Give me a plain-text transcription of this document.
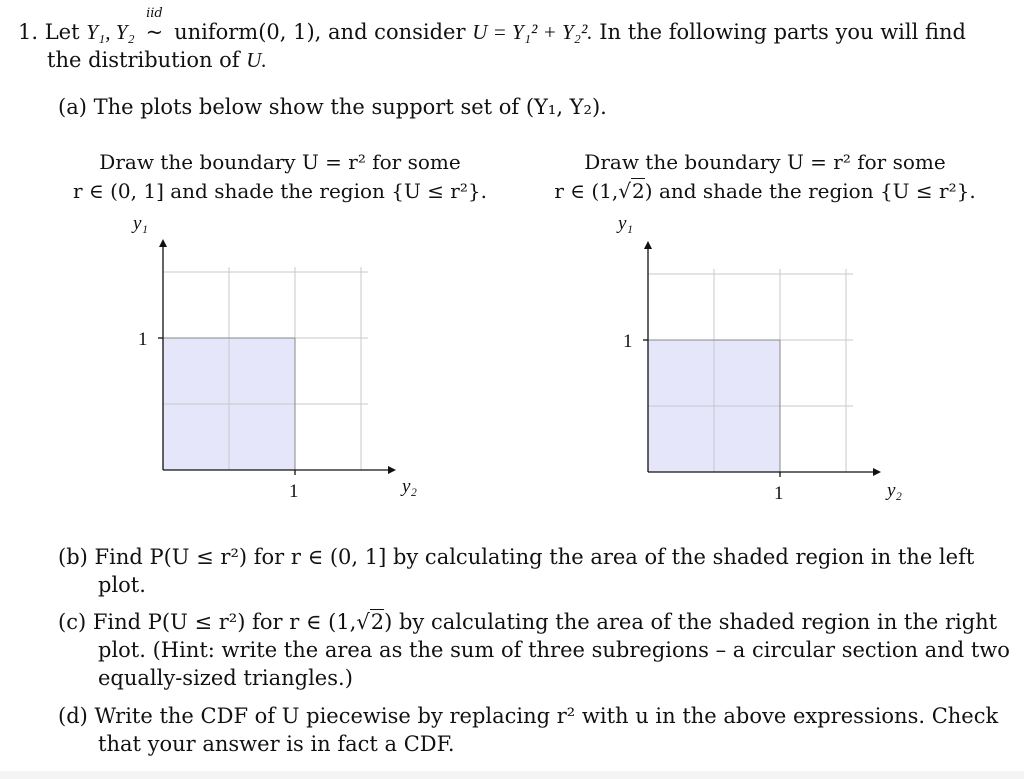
1. Let Y₁, Y₂
iid
~ uniform(0, 1), and consider U = Y₁² + Y₂². In the following parts you will find
the distribution of U.
(a) The plots below show the support set of (Y₁, Y₂).
Draw the boundary U = r² for some
r ∈ (0, 1] and shade the region {U ≤ r²}.
Draw the boundary U = r² for some
r ∈ (1,√2) and shade the region {U ≤ r²}.
y₁
y₂
1
1
y₁
y₂
1
1
(b) Find P(U ≤ r²) for r ∈ (0, 1] by calculating the area of the shaded region in the left
plot.
(c) Find P(U ≤ r²) for r ∈ (1,√2) by calculating the area of the shaded region in the right
plot. (Hint: write the area as the sum of three subregions – a circular section and two
equally-sized triangles.)
(d) Write the CDF of U piecewise by replacing r² with u in the above expressions. Check
that your answer is in fact a CDF.
